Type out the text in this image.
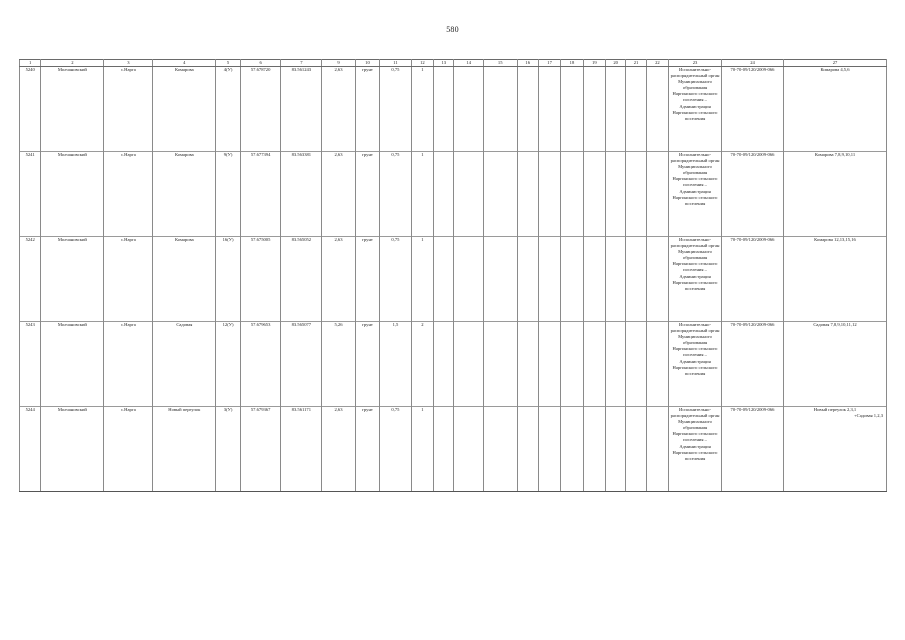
580
1	2	3	4	5	6	7	9	10	11	12	13	14	15	16	17	18	19	20	21	22	23	24	27
5240	Молчановский	с.Нарга	Комарова	4(У)	57.678720	83.561243	2,63	грунт	0,75	1											Исполнительно-распорядительный орган Муниципального образования Наргинского сельского поселения – Администрация Наргинского сельского поселения	70-70-09/120/2009-066	Комарова 4,5,6
5241	Молчановский	с.Нарга	Комарова	9(У)	57.677394	83.563381	2,63	грунт	0,75	1											Исполнительно-распорядительный орган Муниципального образования Наргинского сельского поселения – Администрация Наргинского сельского поселения	70-70-09/120/2009-066	Комарова 7,8,9,10,11
5242	Молчановский	с.Нарга	Комарова	16(У)	57.675005	83.565052	2,63	грунт	0,75	1											Исполнительно-распорядительный орган Муниципального образования Наргинского сельского поселения – Администрация Наргинского сельского поселения	70-70-09/120/2009-066	Комарова 12,13,15,16
5243	Молчановский	с.Нарга	Садовая	12(У)	57.679653	83.565077	5,26	грунт	1,5	2											Исполнительно-распорядительный орган Муниципального образования Наргинского сельского поселения – Администрация Наргинского сельского поселения	70-70-09/120/2009-066	Садовая 7,8,9,10,11,12
5244	Молчановский	с.Нарга	Новый переулок	3(У)	57.679367	83.561171	2,63	грунт	0,75	1											Исполнительно-распорядительный орган Муниципального образования Наргинского сельского поселения – Администрация Наргинского сельского поселения	70-70-09/120/2009-066	Новый переулок 2,3,1
+Садовая 1,2,3
